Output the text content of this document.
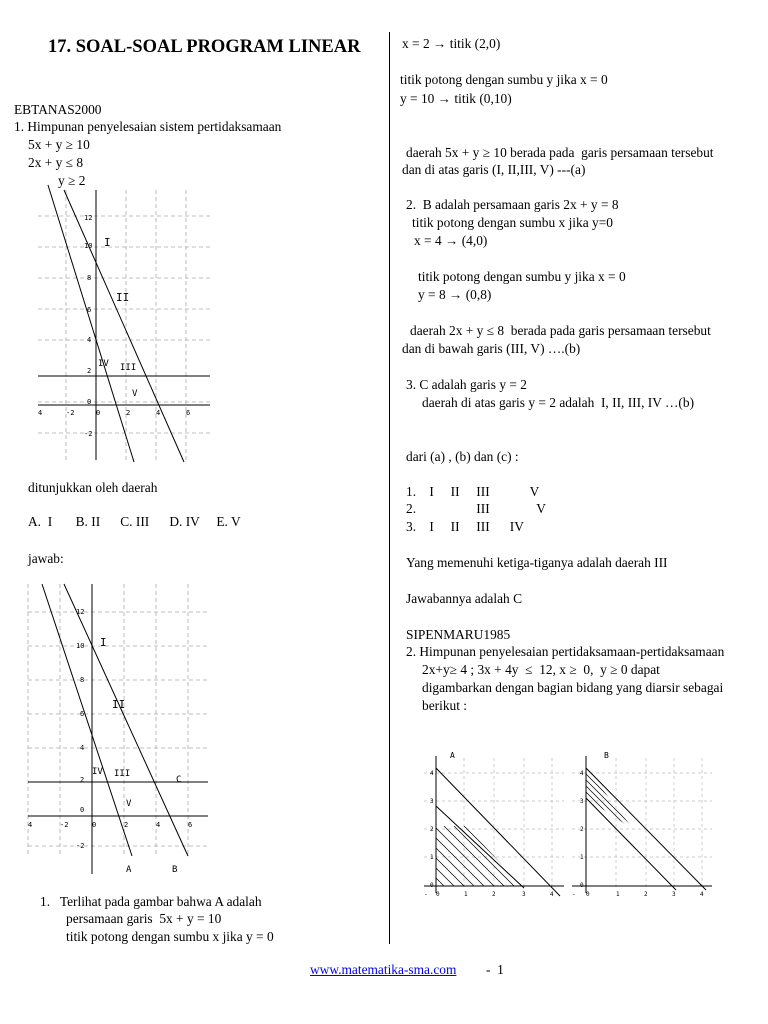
17. SOAL-SOAL PROGRAM LINEAR
EBTANAS2000
1. Himpunan penyelesaian sistem pertidaksamaan
5x + y ≥ 10
2x + y ≤ 8
y ≥ 2
4	-2	0	2	4	6
12
10
8
6
4
2
0
-2
I
II
IV III
V
ditunjukkan oleh daerah
A.  I       B. II      C. III      D. IV     E. V
jawab:
4	-2	0	2	4	6
12
10
8
6
4
2
0
-2
I
II
IV III
V
C
A	B
1.   Terlihat pada gambar bahwa A adalah
persamaan garis  5x + y = 10
titik potong dengan sumbu x jika y = 0
x = 2 → titik (2,0)
titik potong dengan sumbu y jika x = 0
y = 10 → titik (0,10)
daerah 5x + y ≥ 10 berada pada  garis persamaan tersebut
dan di atas garis (I, II,III, V) ---(a)
2.  B adalah persamaan garis 2x + y = 8
titik potong dengan sumbu x jika y=0
x = 4 → (4,0)
titik potong dengan sumbu y jika x = 0
y = 8 → (0,8)
daerah 2x + y ≤ 8  berada pada garis persamaan tersebut
dan di bawah garis (III, V) ….(b)
3. C adalah garis y = 2
daerah di atas garis y = 2 adalah  I, II, III, IV …(b)
dari (a) , (b) dan (c) :
1.    I     II     III            V
2.                  III              V
3.    I     II     III      IV
Yang memenuhi ketiga-tiganya adalah daerah III
Jawabannya adalah C
SIPENMARU1985
2. Himpunan penyelesaian pertidaksamaan-pertidaksamaan
2x+y≥ 4 ; 3x + 4y  ≤  12, x ≥  0,  y ≥ 0 dapat
digambarkan dengan bagian bidang yang diarsir sebagai
berikut :
- 0	1	2	3	4
4
3
2
1
0
A
- 0	1	2	3	4
4
3
2
1
0
B
www.matematika-sma.com -  1
